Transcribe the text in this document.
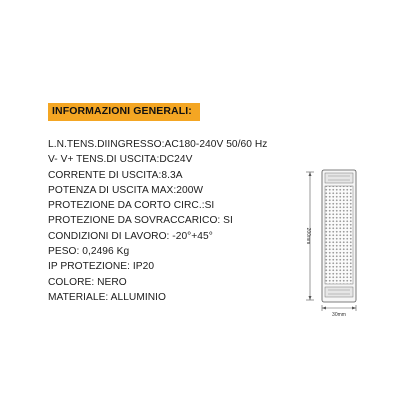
INFORMAZIONI GENERALI:
L.N.TENS.DIINGRESSO:AC180-240V 50/60 Hz
V- V+ TENS.DI USCITA:DC24V
CORRENTE DI USCITA:8.3A
POTENZA DI USCITA MAX:200W
PROTEZIONE DA CORTO CIRC.:SI
PROTEZIONE DA SOVRACCARICO: SI
CONDIZIONI DI LAVORO: -20°+45°
PESO: 0,2496 Kg
IP PROTEZIONE: IP20
COLORE: NERO
MATERIALE: ALLUMINIO
200mm
30mm
